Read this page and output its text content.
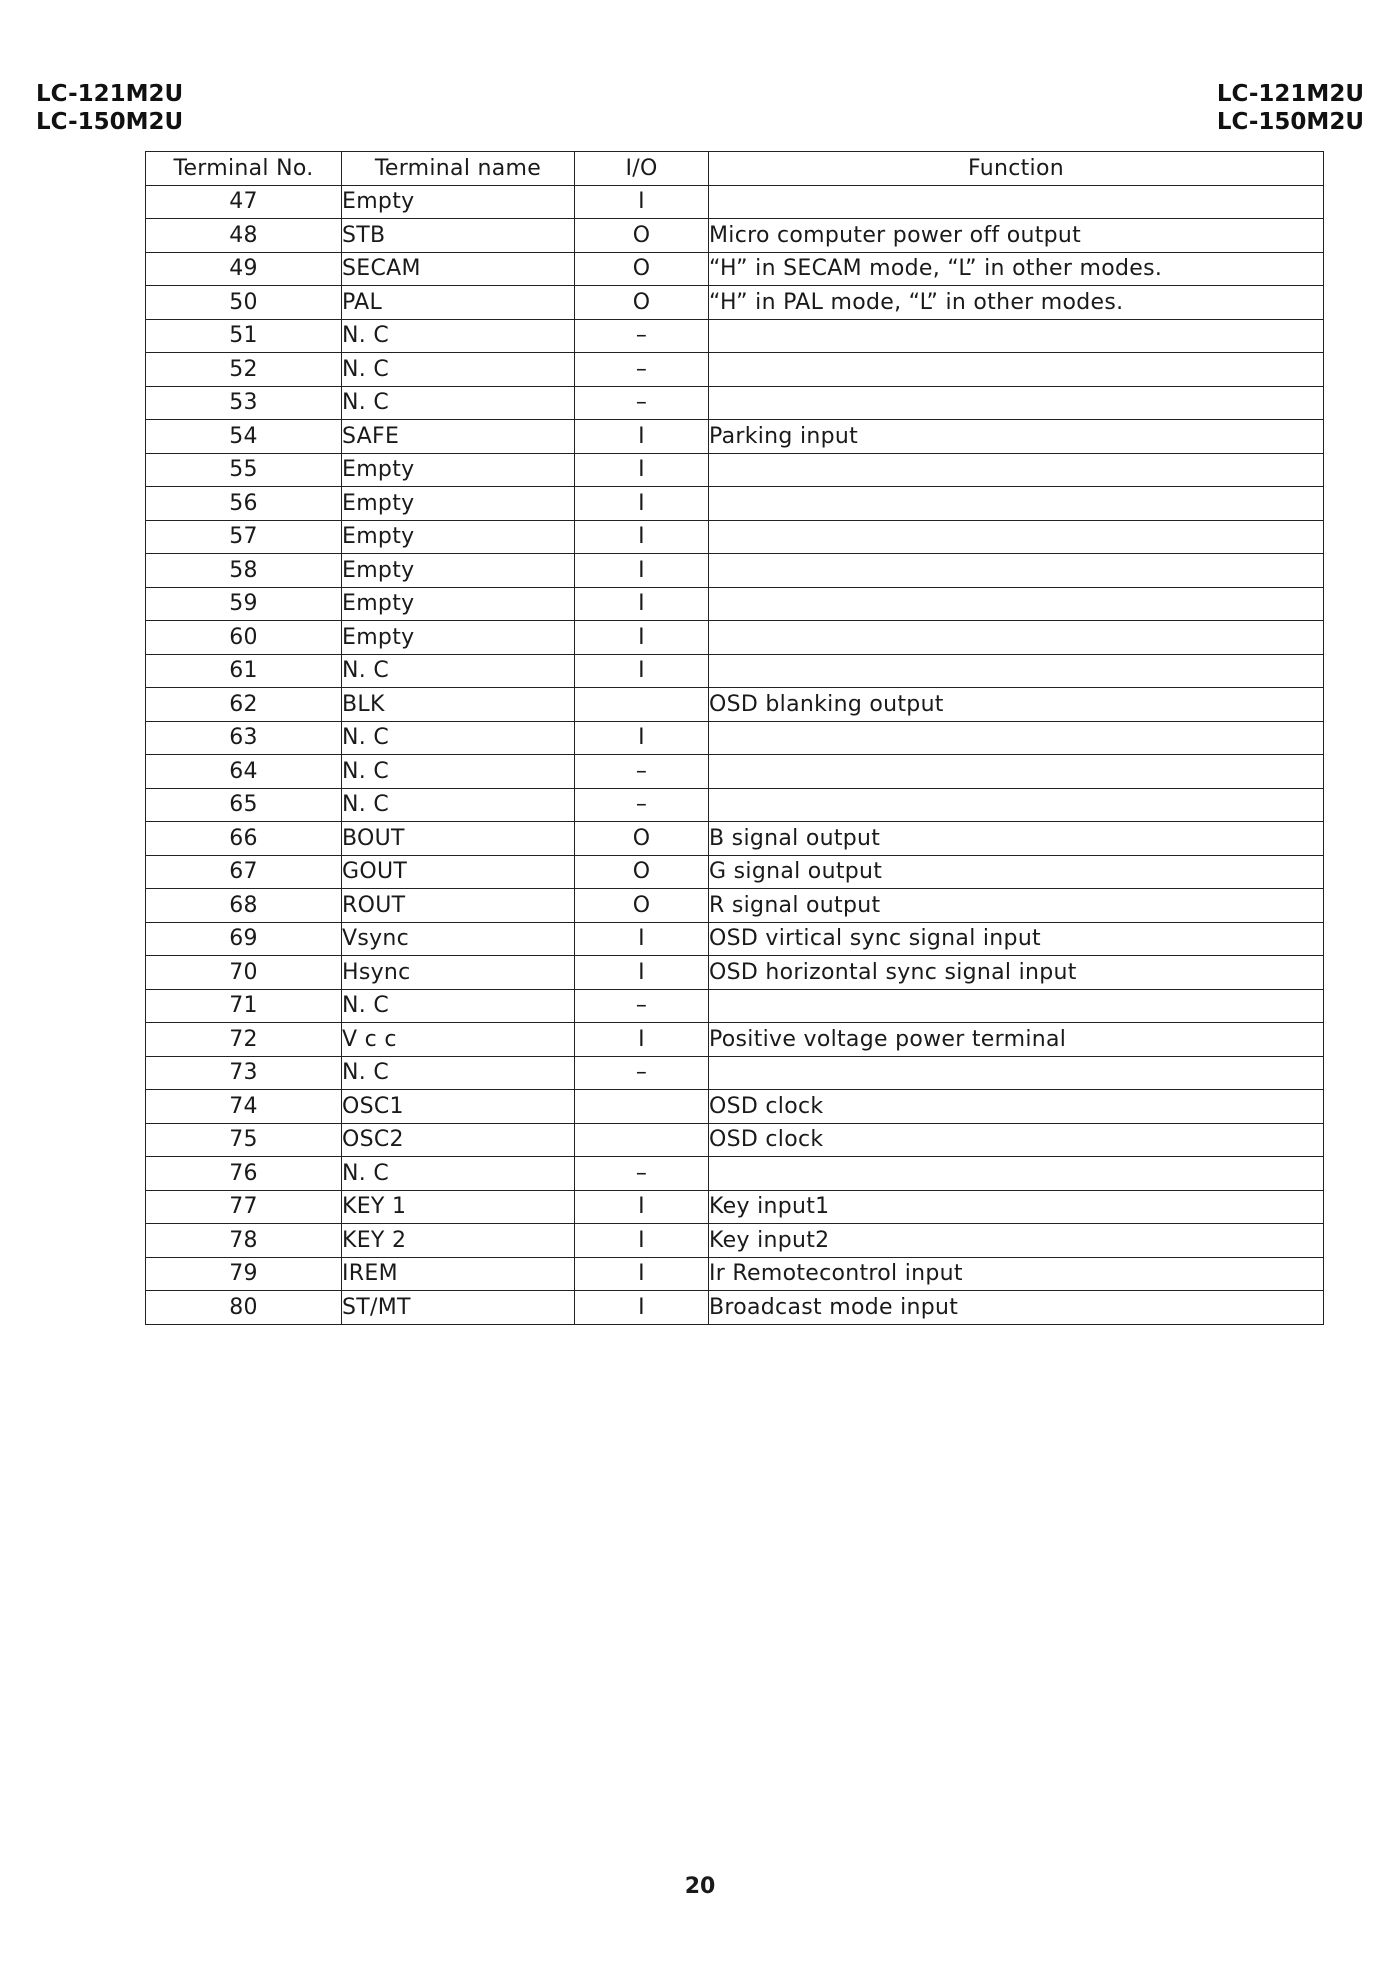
LC-121M2U
LC-150M2U
LC-121M2U
LC-150M2U
Terminal No.	Terminal name	I/O	Function
47	Empty	I	
48	STB	O	Micro computer power off output
49	SECAM	O	“H” in SECAM mode, “L” in other modes.
50	PAL	O	“H” in PAL mode, “L” in other modes.
51	N. C	–	
52	N. C	–	
53	N. C	–	
54	SAFE	I	Parking input
55	Empty	I	
56	Empty	I	
57	Empty	I	
58	Empty	I	
59	Empty	I	
60	Empty	I	
61	N. C	I	
62	BLK		OSD blanking output
63	N. C	I	
64	N. C	–	
65	N. C	–	
66	BOUT	O	B signal output
67	GOUT	O	G signal output
68	ROUT	O	R signal output
69	Vsync	I	OSD virtical sync signal input
70	Hsync	I	OSD horizontal sync signal input
71	N. C	–	
72	V c c	I	Positive voltage power terminal
73	N. C	–	
74	OSC1		OSD clock
75	OSC2		OSD clock
76	N. C	–	
77	KEY 1	I	Key input1
78	KEY 2	I	Key input2
79	IREM	I	Ir Remotecontrol input
80	ST/MT	I	Broadcast mode input
20
